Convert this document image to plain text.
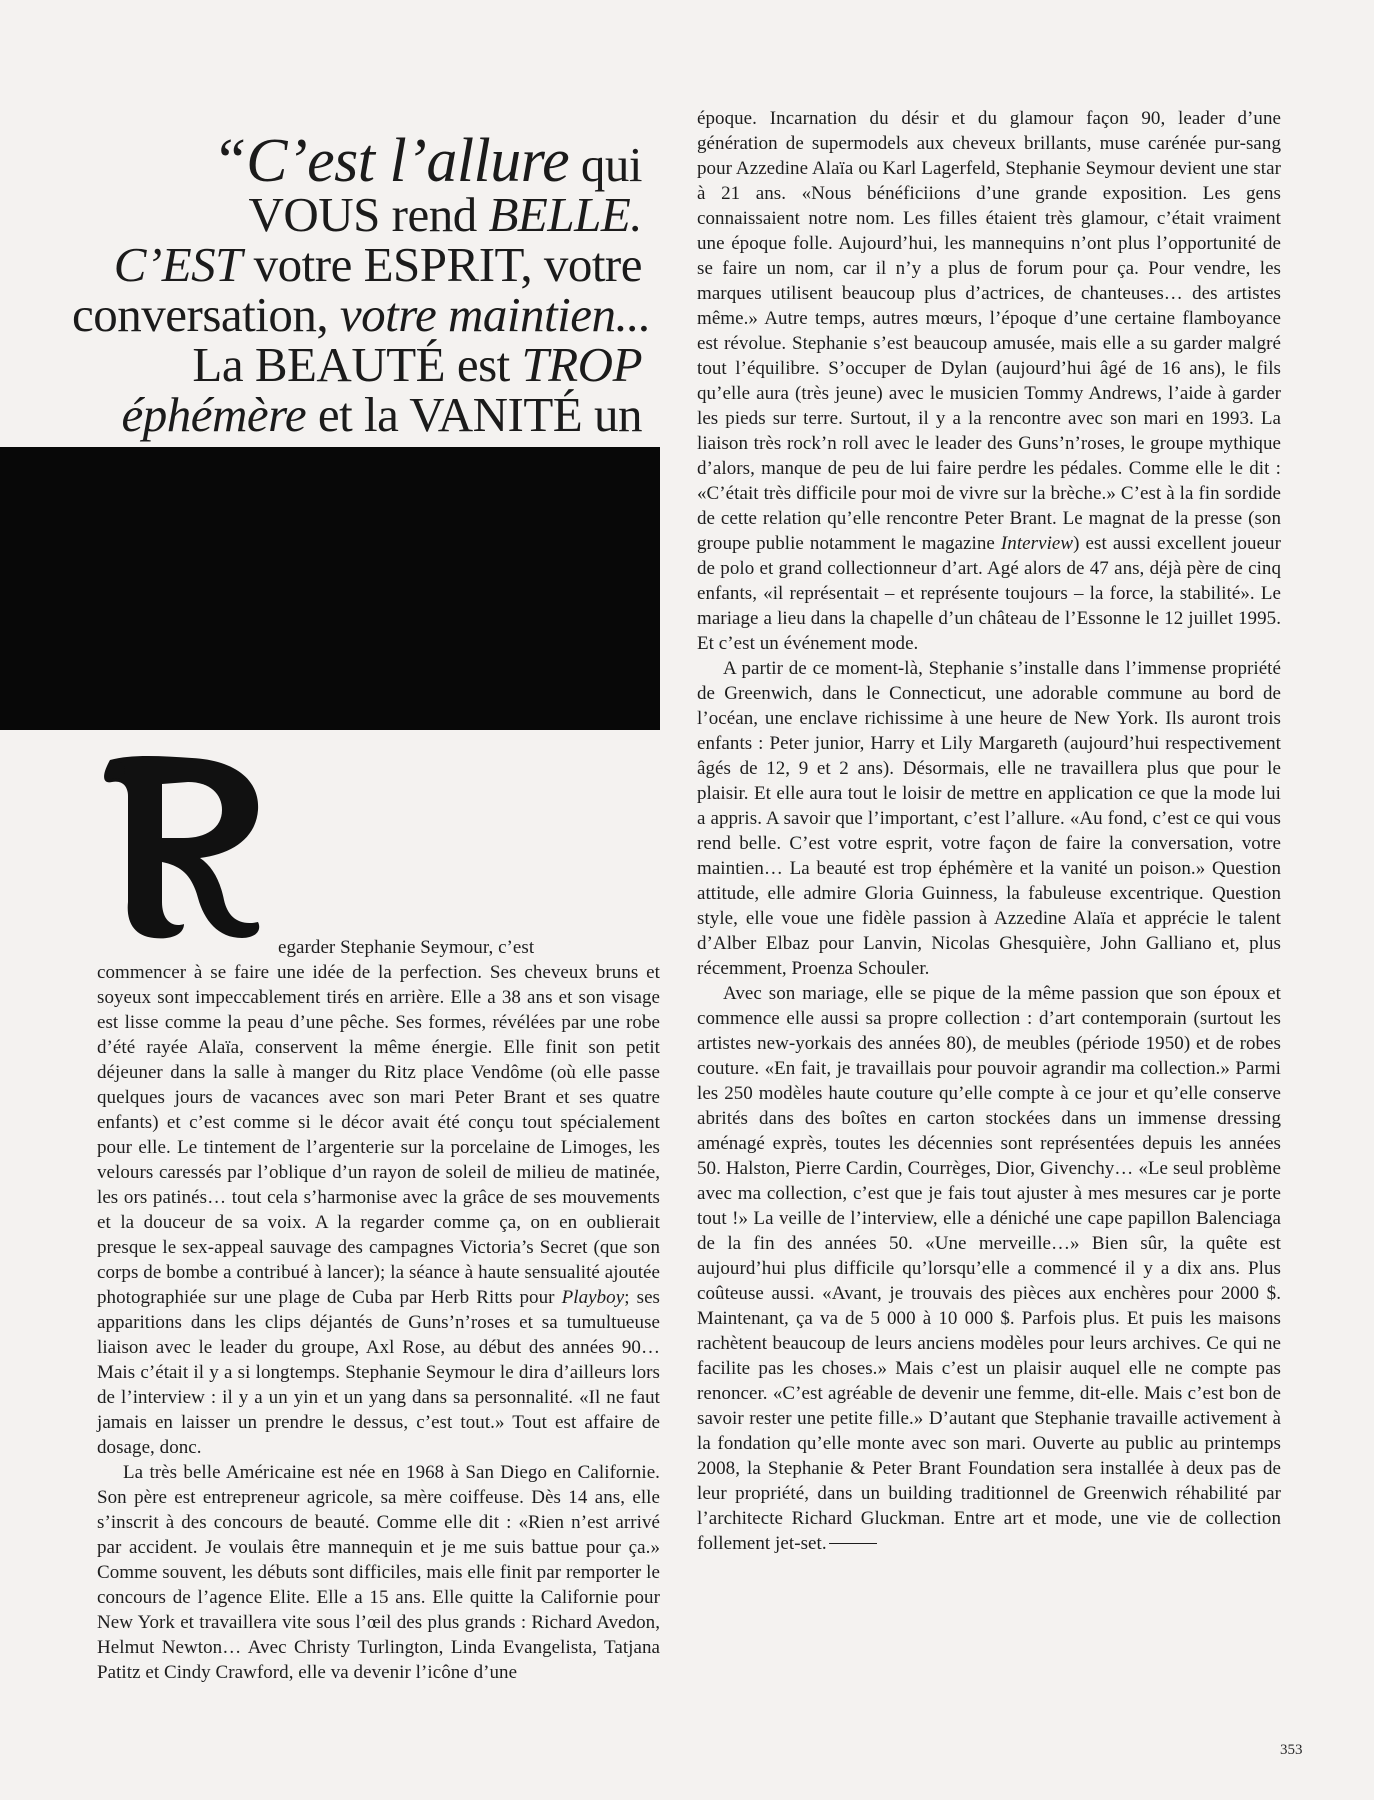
“C’est l’allure qui
VOUS rend BELLE.
C’EST votre ESPRIT, votre
conversation, votre maintien...
La BEAUTÉ est TROP
éphémère et la VANITÉ un
egarder Stephanie Seymour, c’est

commencer à se faire une idée de la perfection. Ses cheveux bruns et soyeux sont impeccablement tirés en arrière. Elle a 38 ans et son visage est lisse comme la peau d’une pêche. Ses formes, révélées par une robe d’été rayée Alaïa, conservent la même énergie. Elle finit son petit déjeuner dans la salle à manger du Ritz place Vendôme (où elle passe quelques jours de vacances avec son mari Peter Brant et ses quatre enfants) et c’est comme si le décor avait été conçu tout spécialement pour elle. Le tintement de l’argenterie sur la porcelaine de Limoges, les velours caressés par l’oblique d’un rayon de soleil de milieu de matinée, les ors patinés… tout cela s’harmonise avec la grâce de ses mouvements et la douceur de sa voix. A la regarder comme ça, on en oublierait presque le sex-appeal sauvage des campagnes Victoria’s Secret (que son corps de bombe a contribué à lancer); la séance à haute sensualité ajoutée photographiée sur une plage de Cuba par Herb Ritts pour Playboy; ses apparitions dans les clips déjantés de Guns’n’roses et sa tumultueuse liaison avec le leader du groupe, Axl Rose, au début des années 90… Mais c’était il y a si longtemps. Stephanie Seymour le dira d’ailleurs lors de l’interview : il y a un yin et un yang dans sa personnalité. «Il ne faut jamais en laisser un prendre le dessus, c’est tout.» Tout est affaire de dosage, donc.

La très belle Américaine est née en 1968 à San Diego en Californie. Son père est entrepreneur agricole, sa mère coiffeuse. Dès 14 ans, elle s’inscrit à des concours de beauté. Comme elle dit : «Rien n’est arrivé par accident. Je voulais être mannequin et je me suis battue pour ça.» Comme souvent, les débuts sont difficiles, mais elle finit par remporter le concours de l’agence Elite. Elle a 15 ans. Elle quitte la Californie pour New York et travaillera vite sous l’œil des plus grands : Richard Avedon, Helmut Newton… Avec Christy Turlington, Linda Evangelista, Tatjana Patitz et Cindy Crawford, elle va devenir l’icône d’une

époque. Incarnation du désir et du glamour façon 90, leader d’une génération de supermodels aux cheveux brillants, muse carénée pur-sang pour Azzedine Alaïa ou Karl Lagerfeld, Stephanie Seymour devient une star à 21 ans. «Nous bénéficiions d’une grande exposition. Les gens connaissaient notre nom. Les filles étaient très glamour, c’était vraiment une époque folle. Aujourd’hui, les mannequins n’ont plus l’opportunité de se faire un nom, car il n’y a plus de forum pour ça. Pour vendre, les marques utilisent beaucoup plus d’actrices, de chanteuses… des artistes même.» Autre temps, autres mœurs, l’époque d’une certaine flamboyance est révolue. Stephanie s’est beaucoup amusée, mais elle a su garder malgré tout l’équilibre. S’occuper de Dylan (aujourd’hui âgé de 16 ans), le fils qu’elle aura (très jeune) avec le musicien Tommy Andrews, l’aide à garder les pieds sur terre. Surtout, il y a la rencontre avec son mari en 1993. La liaison très rock’n roll avec le leader des Guns’n’roses, le groupe mythique d’alors, manque de peu de lui faire perdre les pédales. Comme elle le dit : «C’était très difficile pour moi de vivre sur la brèche.» C’est à la fin sordide de cette relation qu’elle rencontre Peter Brant. Le magnat de la presse (son groupe publie notamment le magazine Interview) est aussi excellent joueur de polo et grand collectionneur d’art. Agé alors de 47 ans, déjà père de cinq enfants, «il représentait – et représente toujours – la force, la stabilité». Le mariage a lieu dans la chapelle d’un château de l’Essonne le 12 juillet 1995. Et c’est un événement mode.

A partir de ce moment-là, Stephanie s’installe dans l’immense propriété de Greenwich, dans le Connecticut, une adorable commune au bord de l’océan, une enclave richissime à une heure de New York. Ils auront trois enfants : Peter junior, Harry et Lily Margareth (aujourd’hui respectivement âgés de 12, 9 et 2 ans). Désormais, elle ne travaillera plus que pour le plaisir. Et elle aura tout le loisir de mettre en application ce que la mode lui a appris. A savoir que l’important, c’est l’allure. «Au fond, c’est ce qui vous rend belle. C’est votre esprit, votre façon de faire la conversation, votre maintien… La beauté est trop éphémère et la vanité un poison.» Question attitude, elle admire Gloria Guinness, la fabuleuse excentrique. Question style, elle voue une fidèle passion à Azzedine Alaïa et apprécie le talent d’Alber Elbaz pour Lanvin, Nicolas Ghesquière, John Galliano et, plus récemment, Proenza Schouler.

Avec son mariage, elle se pique de la même passion que son époux et commence elle aussi sa propre collection : d’art contemporain (surtout les artistes new-yorkais des années 80), de meubles (période 1950) et de robes couture. «En fait, je travaillais pour pouvoir agrandir ma collection.» Parmi les 250 modèles haute couture qu’elle compte à ce jour et qu’elle conserve abrités dans des boîtes en carton stockées dans un immense dressing aménagé exprès, toutes les décennies sont représentées depuis les années 50. Halston, Pierre Cardin, Courrèges, Dior, Givenchy… «Le seul problème avec ma collection, c’est que je fais tout ajuster à mes mesures car je porte tout !» La veille de l’interview, elle a déniché une cape papillon Balenciaga de la fin des années 50. «Une merveille…» Bien sûr, la quête est aujourd’hui plus difficile qu’lorsqu’elle a commencé il y a dix ans. Plus coûteuse aussi. «Avant, je trouvais des pièces aux enchères pour 2000 $. Maintenant, ça va de 5 000 à 10 000 $. Parfois plus. Et puis les maisons rachètent beaucoup de leurs anciens modèles pour leurs archives. Ce qui ne facilite pas les choses.» Mais c’est un plaisir auquel elle ne compte pas renoncer. «C’est agréable de devenir une femme, dit-elle. Mais c’est bon de savoir rester une petite fille.» D’autant que Stephanie travaille activement à la fondation qu’elle monte avec son mari. Ouverte au public au printemps 2008, la Stephanie & Peter Brant Foundation sera installée à deux pas de leur propriété, dans un building traditionnel de Greenwich réhabilité par l’architecte Richard Gluckman. Entre art et mode, une vie de collection follement jet-set.

353
